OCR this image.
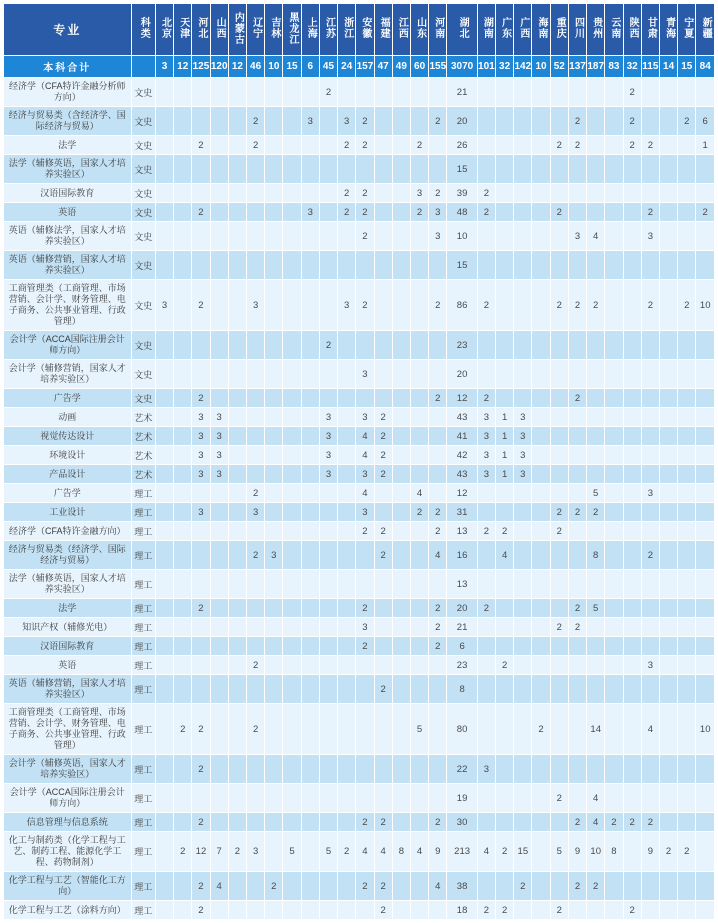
专业	科类	北京	天津	河北	山西	内蒙古	辽宁	吉林	黑龙江	上海	江苏	浙江	安徽	福建	江西	山东	河南	湖北	湖南	广东	广西	海南	重庆	四川	贵州	云南	陕西	甘肃	青海	宁夏	新疆
本科合计		3	12	125	120	12	46	10	15	6	45	24	157	47	49	60	155	3070	101	32	142	10	52	137	187	83	32	115	14	15	84
经济学（CFA特许金融分析师方向）	文史										2							21									2				
经济与贸易类（含经济学、国际经济与贸易）	文史						2			3		3	2				2	20						2			2			2	6
法学	文史			2			2					2	2			2		26					2	2			2	2			1
法学（辅修英语，国家人才培养实验区）	文史																	15													
汉语国际教育	文史											2	2			3	2	39	2												
英语	文史			2						3		2	2			2	3	48	2				2					2			2
英语（辅修法学，国家人才培养实验区）	文史												2				3	10						3	4			3			
英语（辅修营销，国家人才培养实验区）	文史																	15													
工商管理类（工商管理、市场营销、会计学、财务管理、电子商务、公共事业管理、行政管理）	文史	3		2			3					3	2				2	86	2				2	2	2			2		2	10
会计学（ACCA国际注册会计师方向）	文史										2							23													
会计学（辅修营销，国家人才培养实验区）	文史												3					20													
广告学	文史			2													2	12	2					2							
动画	艺术			3	3						3		3	2				43	3	1	3										
视觉传达设计	艺术			3	3						3		4	2				41	3	1	3										
环境设计	艺术			3	3						3		4	2				42	3	1	3										
产品设计	艺术			3	3						3		3	2				43	3	1	3										
广告学	理工						2						4			4		12							5			3			
工业设计	理工			3			3						3			2	2	31					2	2	2						
经济学（CFA特许金融方向）	理工												2	2			2	13	2	2			2								
经济与贸易类（经济学、国际经济与贸易）	理工						2	3						2			4	16		4					8			2			
法学（辅修英语，国家人才培养实验区）	理工																	13													
法学	理工			2									2				2	20	2					2	5						
知识产权（辅修光电）	理工												3				2	21					2	2							
汉语国际教育	理工												2				2	6													
英语	理工						2											23		2								3			
英语（辅修营销，国家人才培养实验区）	理工													2				8													
工商管理类（工商管理、市场营销、会计学、财务管理、电子商务、公共事业管理、行政管理）	理工		2	2			2									5		80				2			14			4			10
会计学（辅修英语，国家人才培养实验区）	理工			2														22	3												
会计学（ACCA国际注册会计师方向）	理工																	19					2		4						
信息管理与信息系统	理工			2									2	2			2	30						2	4	2	2	2			
化工与制药类（化学工程与工艺、制药工程、能源化学工程、药物制剂）	理工		2	12	7	2	3		5		5	2	4	4	8	4	9	213	4	2	15		5	9	10	8		9	2	2	
化学工程与工艺（智能化工方向）	理工			2	4			2					2	2			4	38			2			2	2						
化学工程与工艺（涂料方向）	理工			2										2				18	2	2			2				2				
